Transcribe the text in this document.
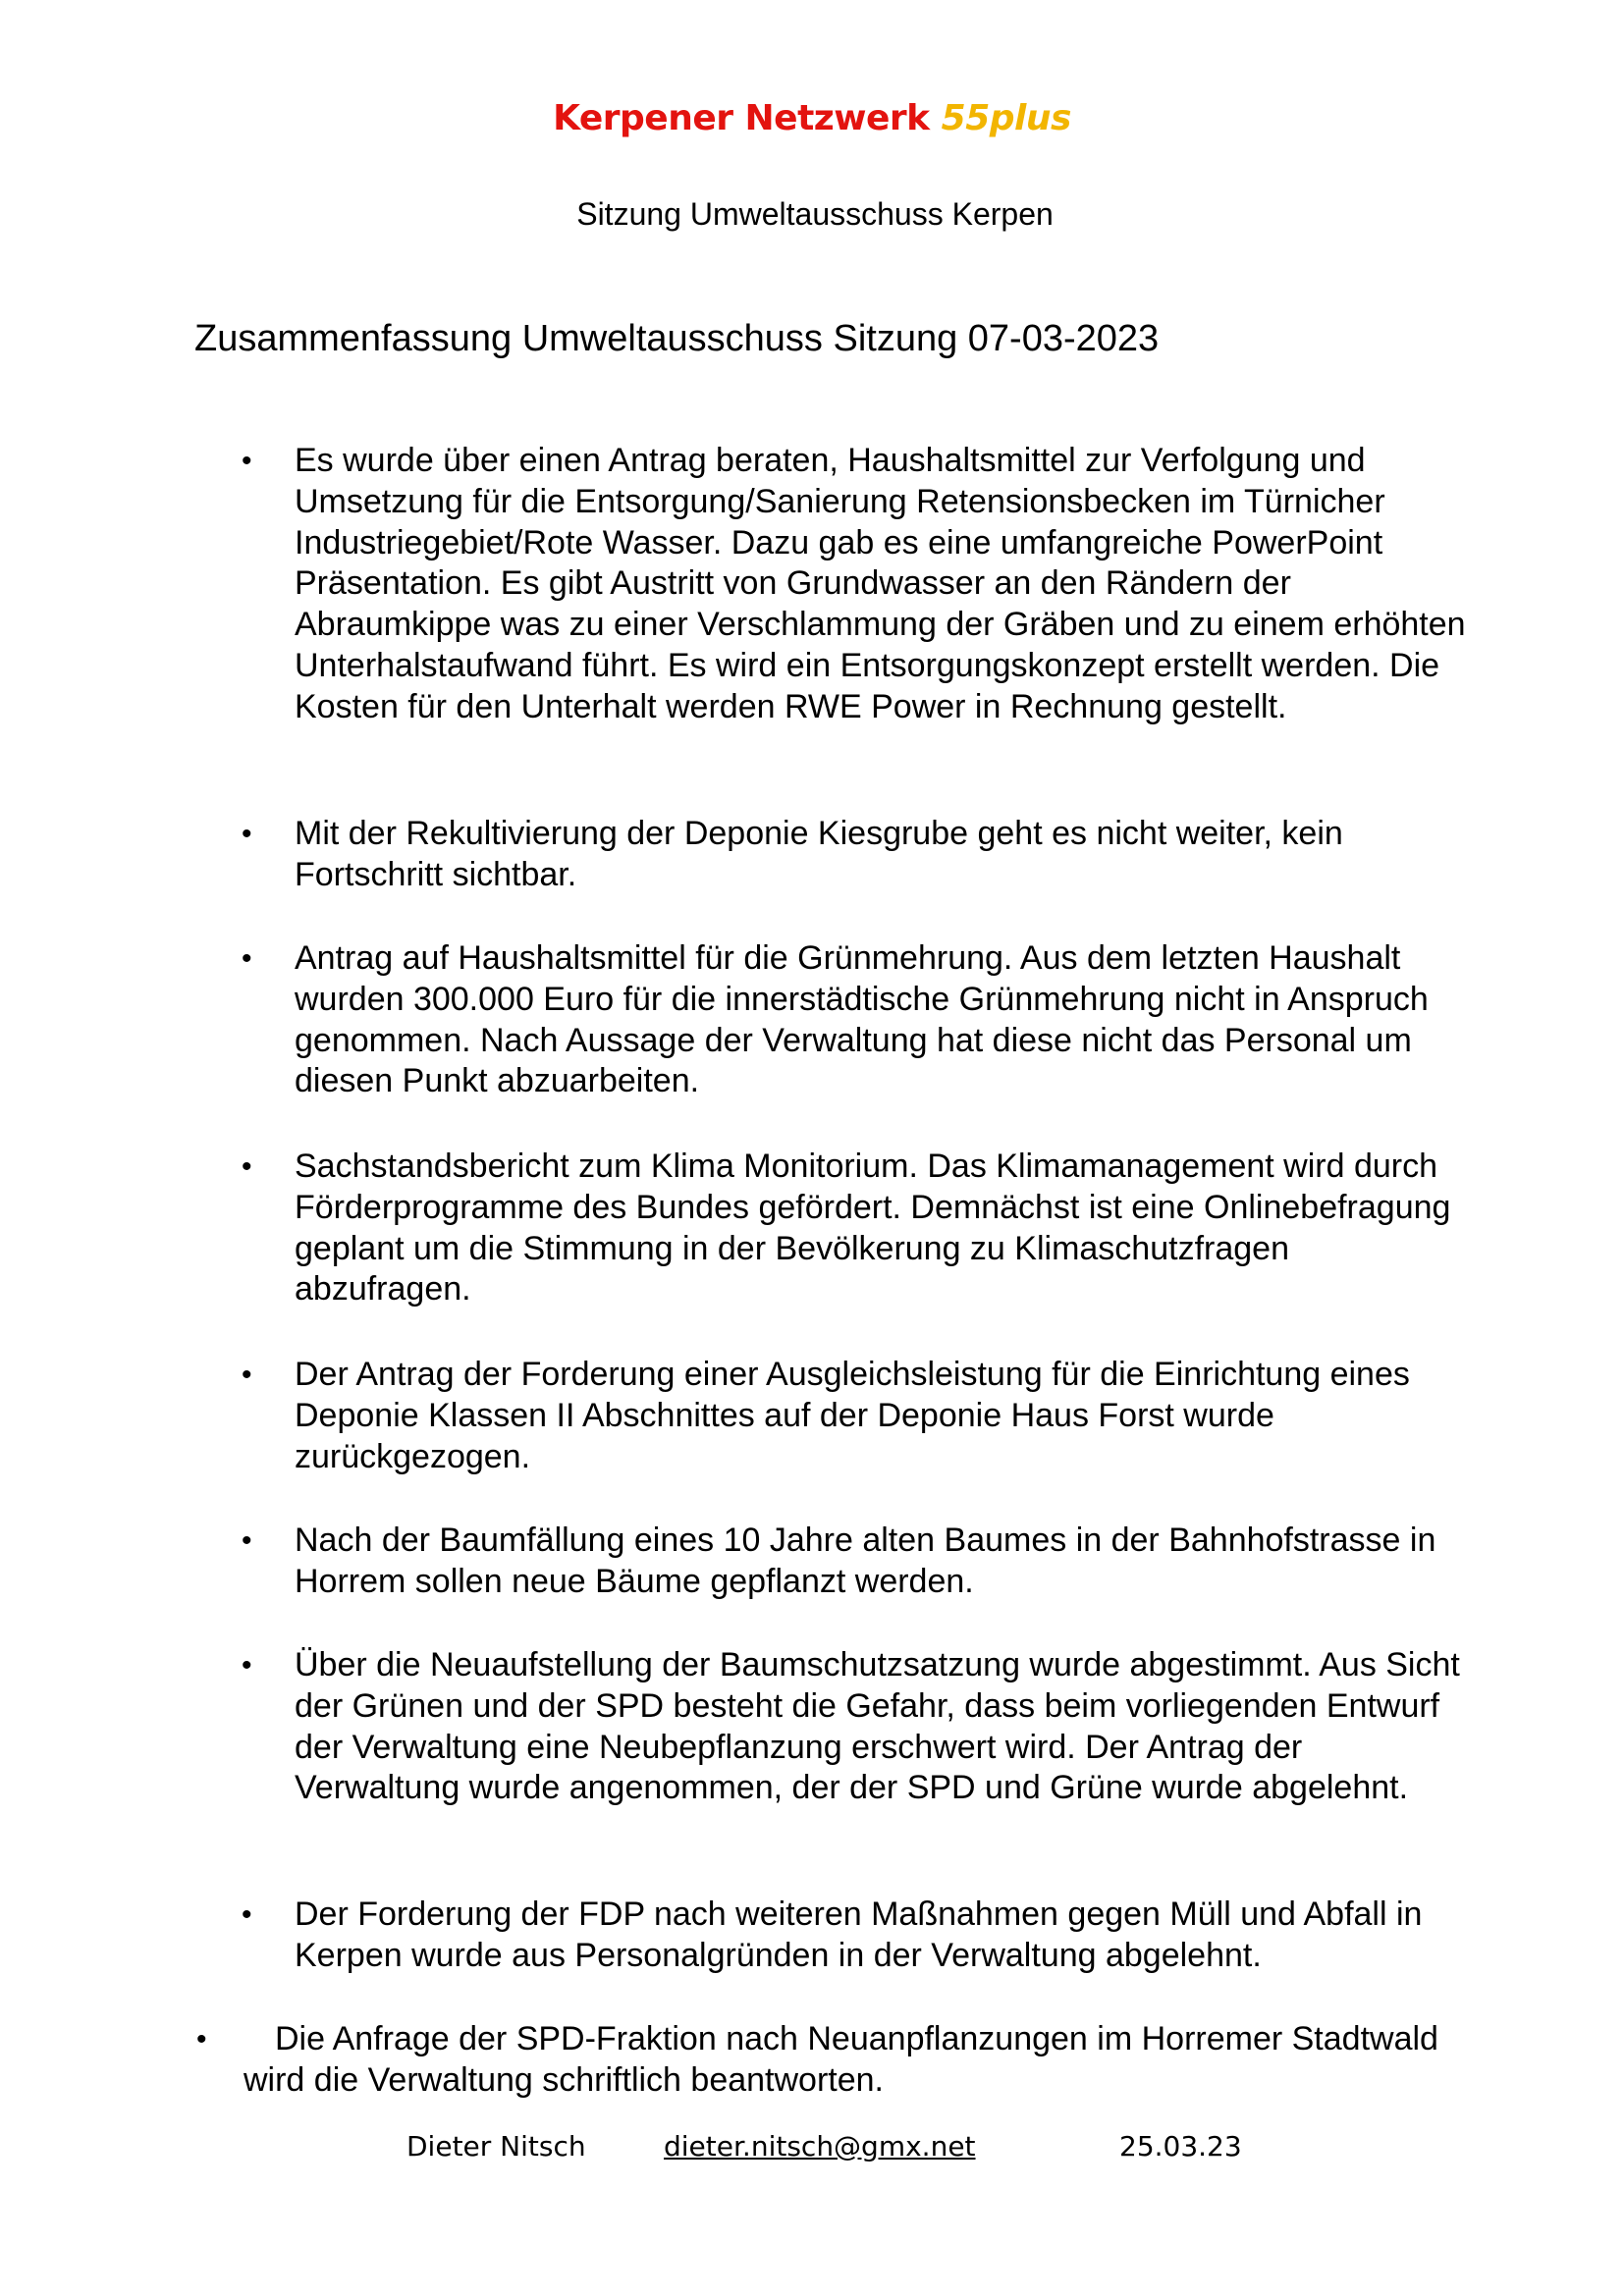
Kerpener Netzwerk 55plus
Sitzung Umweltausschuss Kerpen
Zusammenfassung Umweltausschuss Sitzung 07-03-2023
• Es wurde über einen Antrag beraten, Haushaltsmittel zur Verfolgung und Umsetzung für die Entsorgung/Sanierung Retensionsbecken im Türnicher Industriegebiet/Rote Wasser. Dazu gab es eine umfangreiche PowerPoint Präsentation. Es gibt Austritt von Grundwasser an den Rändern der Abraumkippe was zu einer Verschlammung der Gräben und zu einem erhöhten Unterhalstaufwand führt. Es wird ein Entsorgungskonzept erstellt werden. Die Kosten für den Unterhalt werden RWE Power in Rechnung gestellt.

• Mit der Rekultivierung der Deponie Kiesgrube geht es nicht weiter, kein Fortschritt sichtbar.

• Antrag auf Haushaltsmittel für die Grünmehrung. Aus dem letzten Haushalt wurden 300.000 Euro für die innerstädtische Grünmehrung nicht in Anspruch genommen. Nach Aussage der Verwaltung hat diese nicht das Personal um diesen Punkt abzuarbeiten.

• Sachstandsbericht zum Klima Monitorium. Das Klimamanagement wird durch Förderprogramme des Bundes gefördert. Demnächst ist eine Onlinebefragung geplant um die Stimmung in der Bevölkerung zu Klimaschutzfragen abzufragen.

• Der Antrag der Forderung einer Ausgleichsleistung für die Einrichtung eines Deponie Klassen II Abschnittes auf der Deponie Haus Forst wurde zurückgezogen.

• Nach der Baumfällung eines 10 Jahre alten Baumes in der Bahnhofstrasse in Horrem sollen neue Bäume gepflanzt werden.

• Über die Neuaufstellung der Baumschutzsatzung wurde abgestimmt. Aus Sicht der Grünen und der SPD besteht die Gefahr, dass beim vorliegenden Entwurf der Verwaltung eine Neubepflanzung erschwert wird. Der Antrag der Verwaltung wurde angenommen, der der SPD und Grüne wurde abgelehnt.

• Der Forderung der FDP nach weiteren Maßnahmen gegen Müll und Abfall in Kerpen wurde aus Personalgründen in der Verwaltung abgelehnt.

•	Die Anfrage der SPD-Fraktion nach Neuanpflanzungen im Horremer Stadtwald wird die Verwaltung schriftlich beantworten.

Dieter Nitsch	dieter.nitsch@gmx.net	25.03.23
